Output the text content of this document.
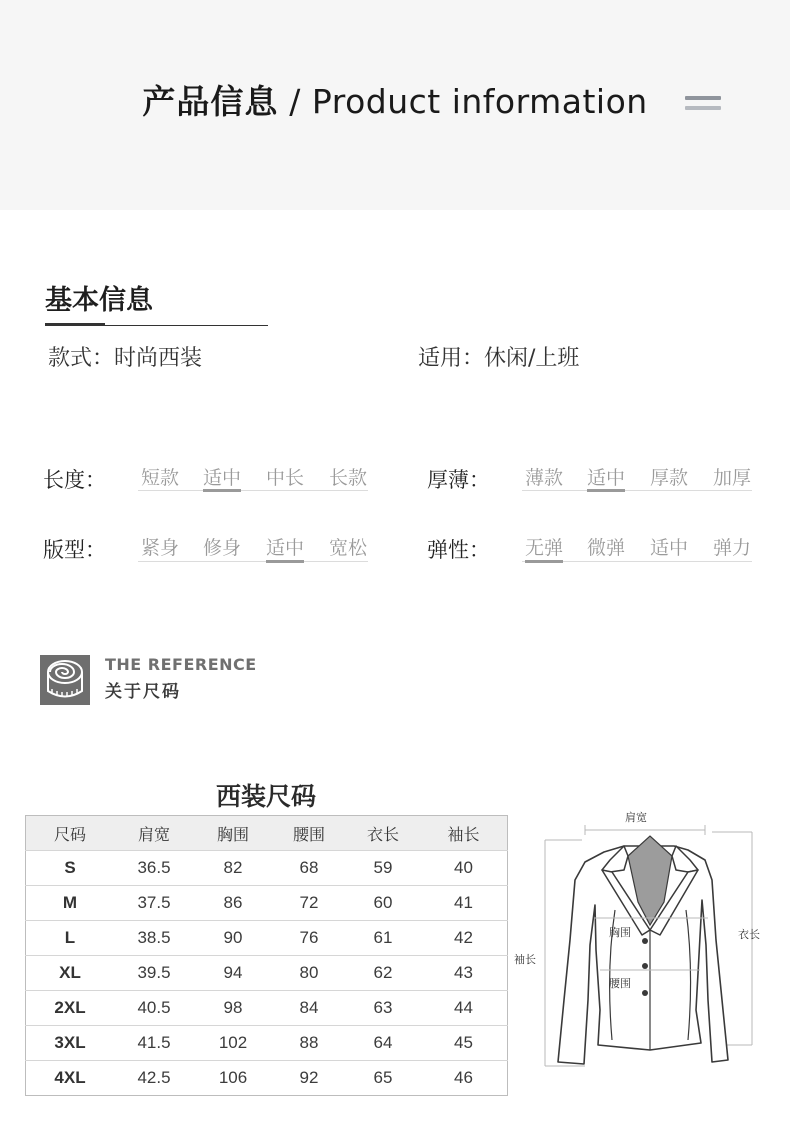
产品信息 / Product information
基本信息
款式：时尚西装	适用：休闲/上班
长度： 短款 适中 中长 长款	厚薄： 薄款 适中 厚款 加厚
版型： 紧身 修身 适中 宽松	弹性： 无弹 微弹 适中 弹力
THE REFERENCE
关于尺码
西装尺码
尺码	肩宽	胸围	腰围	衣长	袖长
S	36.5	82	68	59	40
M	37.5	86	72	60	41
L	38.5	90	76	61	42
XL	39.5	94	80	62	43
2XL	40.5	98	84	63	44
3XL	41.5	102	88	64	45
4XL	42.5	106	92	65	46
肩宽
胸围
腰围
袖长
衣长
